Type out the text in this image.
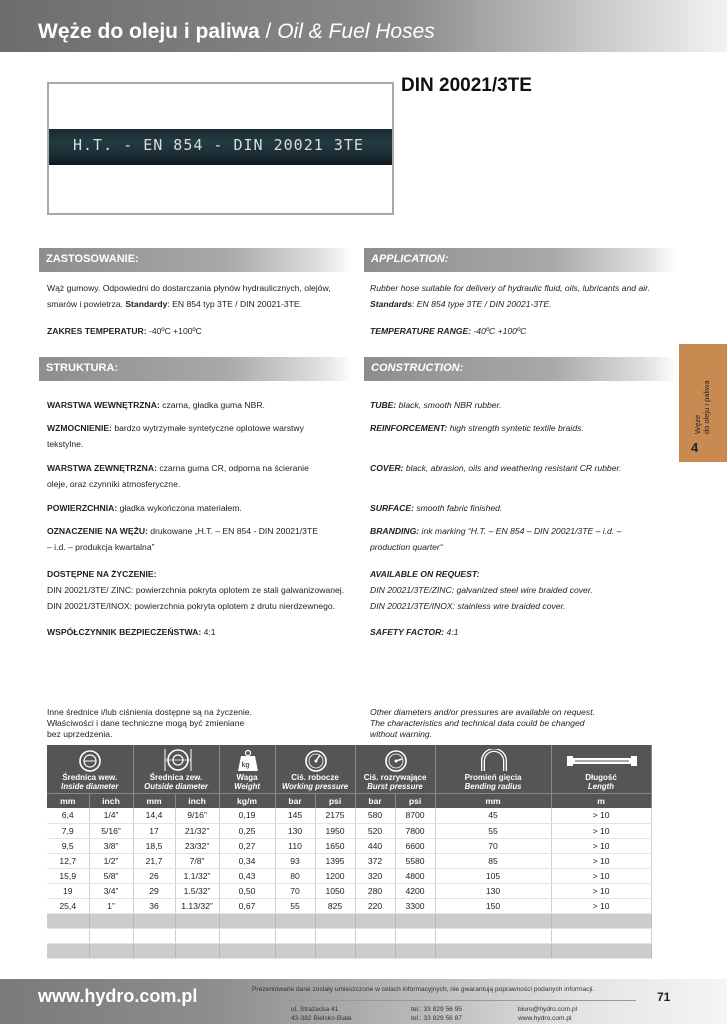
Węże do oleju i paliwa / Oil & Fuel Hoses
DIN 20021/3TE
H.T. - EN 854 - DIN 20021 3TE
ZASTOSOWANIE:	APPLICATION:
Wąż gumowy. Odpowiedni do dostarczania płynów hydraulicznych, olejów,
smarów i powietrza. Standardy: EN 854 typ 3TE / DIN 20021-3TE.
ZAKRES TEMPERATUR: -40ºC +100ºC
Rubber hose suitable for delivery of hydraulic fluid, oils, lubricants and air.
Standards: EN 854 type 3TE / DIN 20021-3TE.
TEMPERATURE RANGE: -40ºC +100ºC
STRUKTURA:	CONSTRUCTION:
WARSTWA WEWNĘTRZNA: czarna, gładka guma NBR.
WZMOCNIENIE: bardzo wytrzymałe syntetyczne oplotowe warstwy
tekstylne.
WARSTWA ZEWNĘTRZNA: czarna guma CR, odporna na ścieranie
oleje, oraz czynniki atmosferyczne.
POWIERZCHNIA: gładka wykończona materiałem.
OZNACZENIE NA WĘŻU: drukowane „H.T. – EN 854 - DIN 20021/3TE
– i.d. – produkcja kwartalna”
DOSTĘPNE NA ŻYCZENIE:
DIN 20021/3TE/ ZINC: powierzchnia pokryta oplotem ze stali galwanizowanej.
DIN 20021/3TE/INOX: powierzchnia pokryta oplotem z drutu nierdzewnego.
WSPÓŁCZYNNIK BEZPIECZEŃSTWA: 4:1
TUBE: black, smooth NBR rubber.
REINFORCEMENT: high strength syntetic textile braids.
COVER: black, abrasion, oils and weathering resistant CR rubber.
SURFACE: smooth fabric finished.
BRANDING: ink marking “H.T. – EN 854 – DIN 20021/3TE – i.d. –
production quarter“
AVAILABLE ON REQUEST:
DIN 20021/3TE/ZINC: galvanized steel wire braided cover.
DIN 20021/3TE/INOX: stainless wire braided cover.
SAFETY FACTOR: 4:1
Węże do oleju i paliwa
4
Inne średnice i/lub ciśnienia dostępne są na życzenie.
Właściwości i dane techniczne mogą być zmieniane
bez uprzedzenia.
Other diameters and/or pressures are available on request.
The characteristics and technical data could be changed
without warning.
Średnica wew.
Inside diameter		Średnica zew.
Outside diameter		kg
Waga
Weight	Ciś. robocze
Working pressure		Ciś. rozrywające
Burst pressure		Promień gięcia
Bending radius	Długość
Length

mm	inch	mm	inch	kg/m	bar	psi	bar	psi	mm	m
6,4	1/4”	14,4	9/16”	0,19	145	2175	580	8700	45	> 10
7,9	5/16”	17	21/32”	0,25	130	1950	520	7800	55	> 10
9,5	3/8”	18,5	23/32”	0,27	110	1650	440	6600	70	> 10
12,7	1/2”	21,7	7/8”	0,34	93	1395	372	5580	85	> 10
15,9	5/8”	26	1.1/32”	0,43	80	1200	320	4800	105	> 10
19	3/4”	29	1.5/32”	0,50	70	1050	280	4200	130	> 10
25,4	1”	36	1.13/32”	0,67	55	825	220	3300	150	> 10

www.hydro.com.pl	Prezentowane dane zostały umieszczone w celach informacyjnych, nie gwarantują poprawności podanych informacji.
ul. Strażacka 41
43-382 Bielsko-Biała
tel.: 33 829 56 95
tel.: 33 829 56 87
biuro@hydro.com.pl
www.hydro.com.pl
71
